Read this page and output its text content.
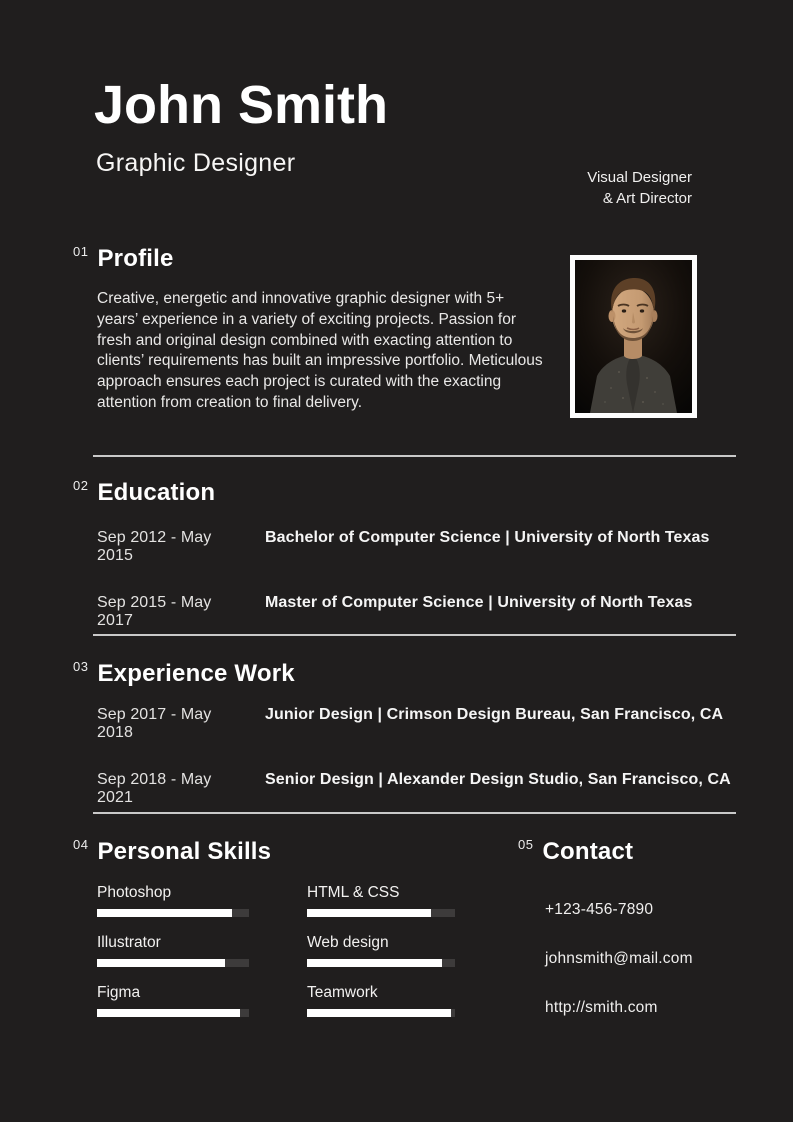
John Smith
Graphic Designer
Visual Designer
& Art Director
01 Profile
Creative, energetic and innovative graphic designer with 5+ years’ experience in a variety of exciting projects. Passion for fresh and original design combined with exacting attention to clients’ requirements has built an impressive portfolio. Meticulous approach ensures each project is curated with the exacting attention from creation to final delivery.
02 Education
Sep 2012 - May 2015
Bachelor of Computer Science | University of North Texas
Sep 2015 - May 2017
Master of Computer Science | University of North Texas
03 Experience Work
Sep 2017 - May 2018
Junior Design | Crimson Design Bureau, San Francisco, CA
Sep 2018 - May 2021
Senior Design | Alexander Design Studio, San Francisco, CA
04 Personal Skills
Photoshop
Illustrator
Figma
HTML & CSS
Web design
Teamwork
05 Contact
+123-456-7890
johnsmith@mail.com
http://smith.com
